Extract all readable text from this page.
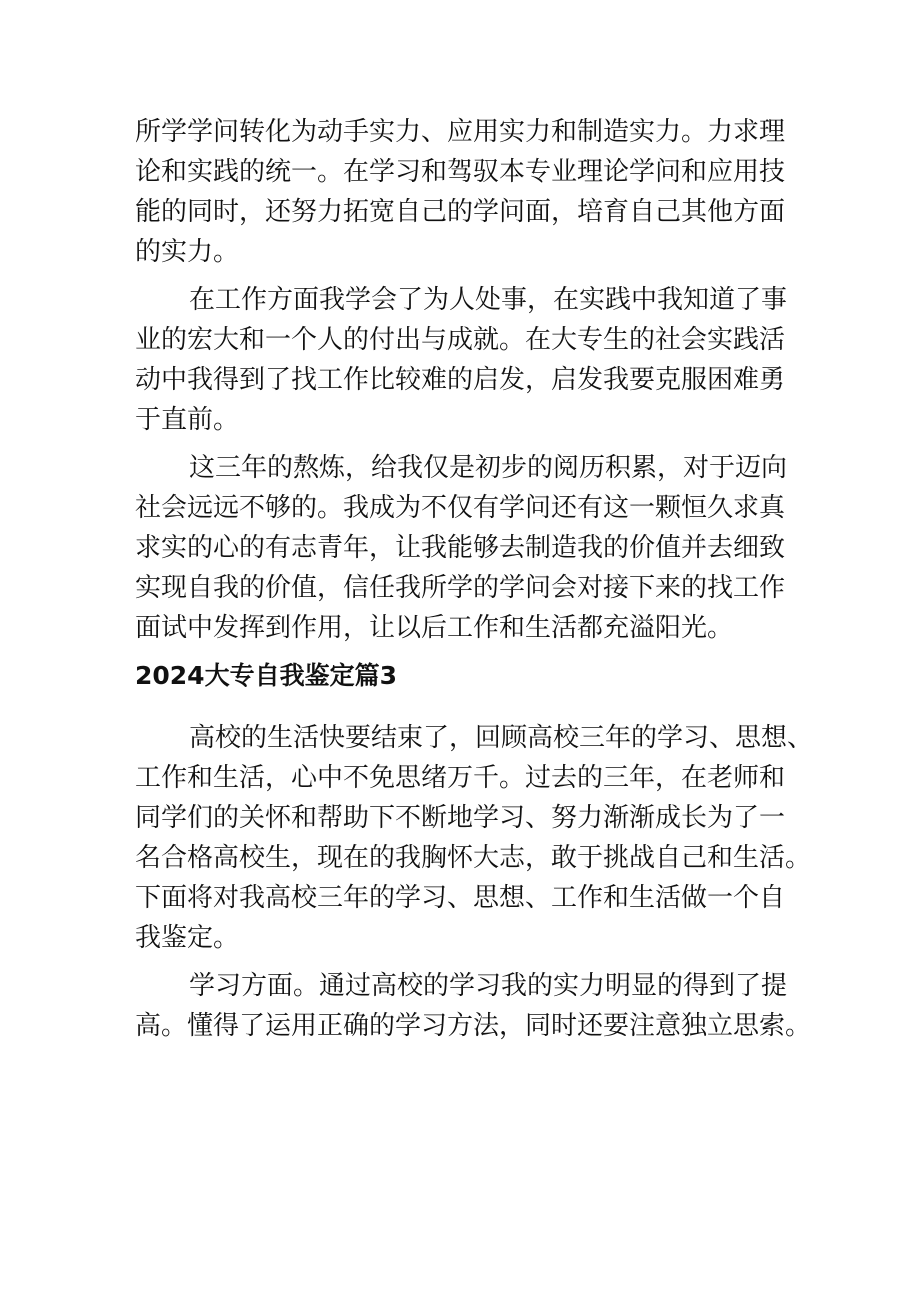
所学学问转化为动手实力、应用实力和制造实力。力求理
论和实践的统一。在学习和驾驭本专业理论学问和应用技
能的同时，还努力拓宽自己的学问面，培育自己其他方面
的实力。

在工作方面我学会了为人处事，在实践中我知道了事
业的宏大和一个人的付出与成就。在大专生的社会实践活
动中我得到了找工作比较难的启发，启发我要克服困难勇
于直前。

这三年的熬炼，给我仅是初步的阅历积累，对于迈向
社会远远不够的。我成为不仅有学问还有这一颗恒久求真
求实的心的有志青年，让我能够去制造我的价值并去细致
实现自我的价值，信任我所学的学问会对接下来的找工作
面试中发挥到作用，让以后工作和生活都充溢阳光。

2024大专自我鉴定篇3

高校的生活快要结束了，回顾高校三年的学习、思想、
工作和生活，心中不免思绪万千。过去的三年，在老师和
同学们的关怀和帮助下不断地学习、努力渐渐成长为了一
名合格高校生，现在的我胸怀大志，敢于挑战自己和生活。
下面将对我高校三年的学习、思想、工作和生活做一个自
我鉴定。

学习方面。通过高校的学习我的实力明显的得到了提
高。懂得了运用正确的学习方法，同时还要注意独立思索。
